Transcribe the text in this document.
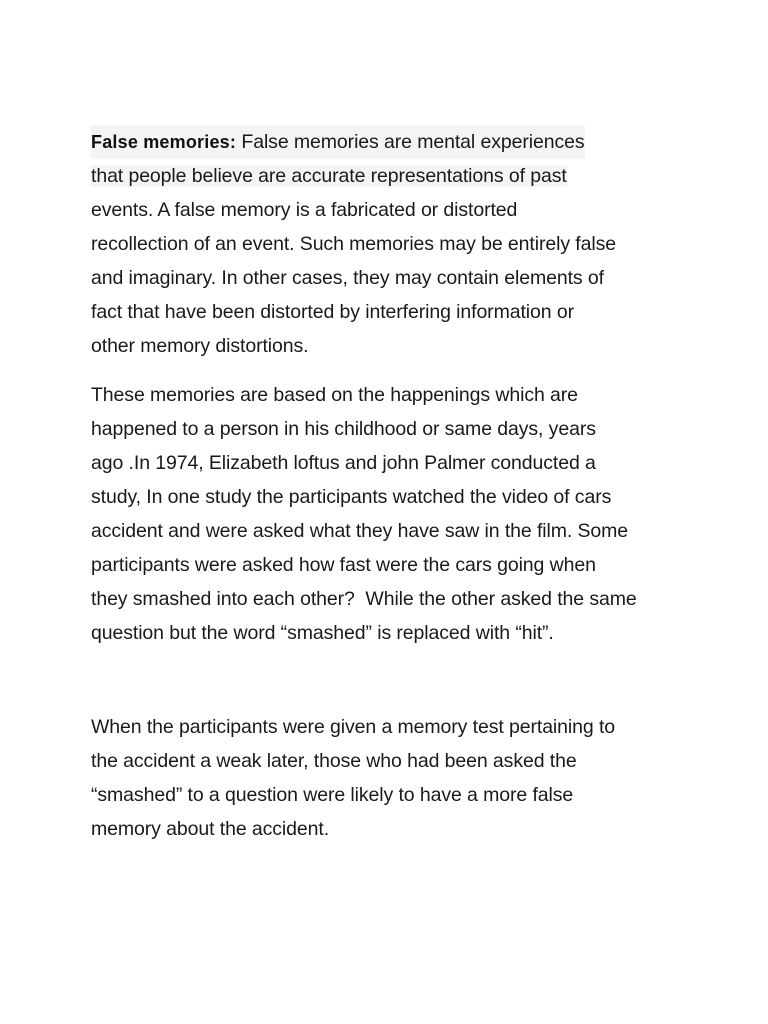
False memories: False memories are mental experiences
that people believe are accurate representations of past
events. A false memory is a fabricated or distorted
recollection of an event. Such memories may be entirely false
and imaginary. In other cases, they may contain elements of
fact that have been distorted by interfering information or
other memory distortions.

These memories are based on the happenings which are
happened to a person in his childhood or same days, years
ago .In 1974, Elizabeth loftus and john Palmer conducted a
study, In one study the participants watched the video of cars
accident and were asked what they have saw in the film. Some
participants were asked how fast were the cars going when
they smashed into each other?  While the other asked the same
question but the word “smashed” is replaced with “hit”.

When the participants were given a memory test pertaining to
the accident a weak later, those who had been asked the
“smashed” to a question were likely to have a more false
memory about the accident.
